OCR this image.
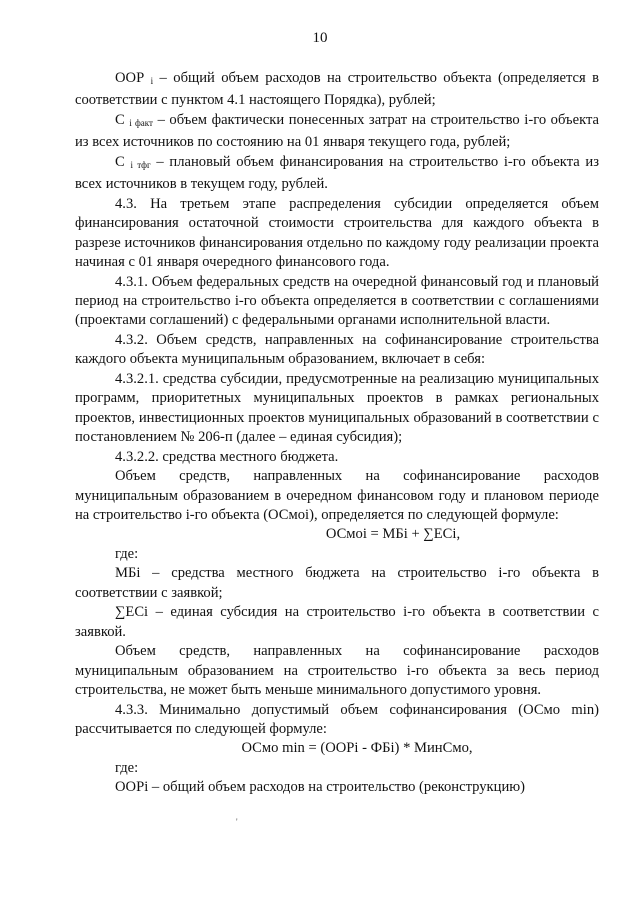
10

ООР $_i$ – общий объем расходов на строительство объекта (определяется в соответствии с пунктом 4.1 настоящего Порядка), рублей;

С $_{i факт}$ – объем фактически понесенных затрат на строительство i-го объекта из всех источников по состоянию на 01 января текущего года, рублей;

С $_{i тфг}$ – плановый объем финансирования на строительство i-го объекта из всех источников в текущем году, рублей.

4.3. На третьем этапе распределения субсидии определяется объем финансирования остаточной стоимости строительства для каждого объекта в разрезе источников финансирования отдельно по каждому году реализации проекта начиная с 01 января очередного финансового года.

4.3.1. Объем федеральных средств на очередной финансовый год и плановый период на строительство i-го объекта определяется в соответствии с соглашениями (проектами соглашений) с федеральными органами исполнительной власти.

4.3.2. Объем средств, направленных на софинансирование строительства каждого объекта муниципальным образованием, включает в себя:

4.3.2.1. средства субсидии, предусмотренные на реализацию муниципальных программ, приоритетных муниципальных проектов в рамках региональных проектов, инвестиционных проектов муниципальных образований в соответствии с постановлением № 206-п (далее – единая субсидия);

4.3.2.2. средства местного бюджета.

Объем средств, направленных на софинансирование расходов муниципальным образованием в очередном финансовом году и плановом периоде на строительство i-го объекта (ОСмоi), определяется по следующей формуле:

ОСмоi = МБi + ∑ЕСi,

где:

МБi – средства местного бюджета на строительство i-го объекта в соответствии с заявкой;

∑ЕСi – единая субсидия на строительство i-го объекта в соответствии с заявкой.

Объем средств, направленных на софинансирование расходов муниципальным образованием на строительство i-го объекта за весь период строительства, не может быть меньше минимального допустимого уровня.

4.3.3. Минимально допустимый объем софинансирования (ОСмо min) рассчитывается по следующей формуле:

ОСмо min = (ООРi - ФБi) * МинСмо,

где:

ООРi – общий объем расходов на строительство (реконструкцию)

'
